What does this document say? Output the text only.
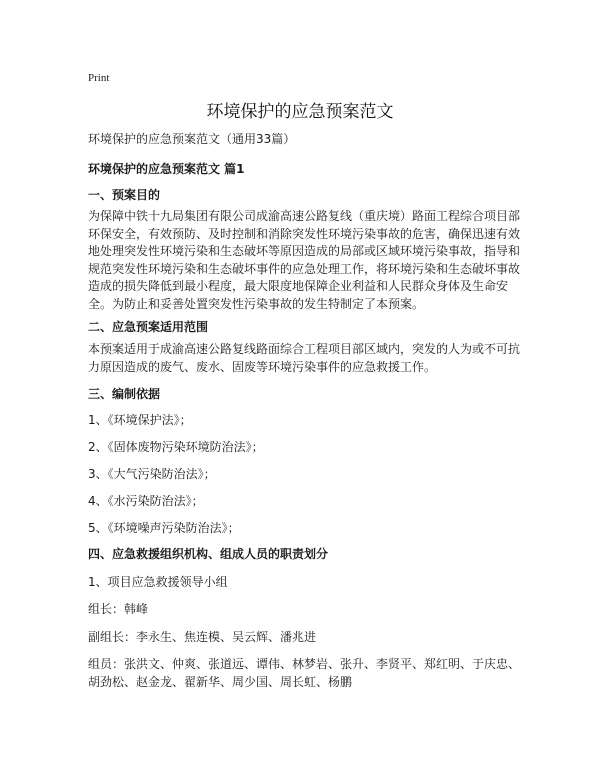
Print
环境保护的应急预案范文
环境保护的应急预案范文（通用33篇）
环境保护的应急预案范文 篇1
一、预案目的
为保障中铁十九局集团有限公司成渝高速公路复线（重庆境）路面工程综合项目部环保安全，有效预防、及时控制和消除突发性环境污染事故的危害，确保迅速有效地处理突发性环境污染和生态破坏等原因造成的局部或区域环境污染事故，指导和规范突发性环境污染和生态破坏事件的应急处理工作，将环境污染和生态破坏事故造成的损失降低到最小程度，最大限度地保障企业利益和人民群众身体及生命安全。为防止和妥善处置突发性污染事故的发生特制定了本预案。
二、应急预案适用范围
本预案适用于成渝高速公路复线路面综合工程项目部区域内，突发的人为或不可抗力原因造成的废气、废水、固废等环境污染事件的应急救援工作。
三、编制依据
1、《环境保护法》；
2、《固体废物污染环境防治法》；
3、《大气污染防治法》；
4、《水污染防治法》；
5、《环境噪声污染防治法》；
四、应急救援组织机构、组成人员的职责划分
1、项目应急救援领导小组
组长：韩峰
副组长：李永生、焦连模、吴云辉、潘兆进
组员：张洪文、仲爽、张道远、谭伟、林梦岩、张升、李贤平、郑红明、于庆忠、胡劲松、赵金龙、翟新华、周少国、周长虹、杨鹏
